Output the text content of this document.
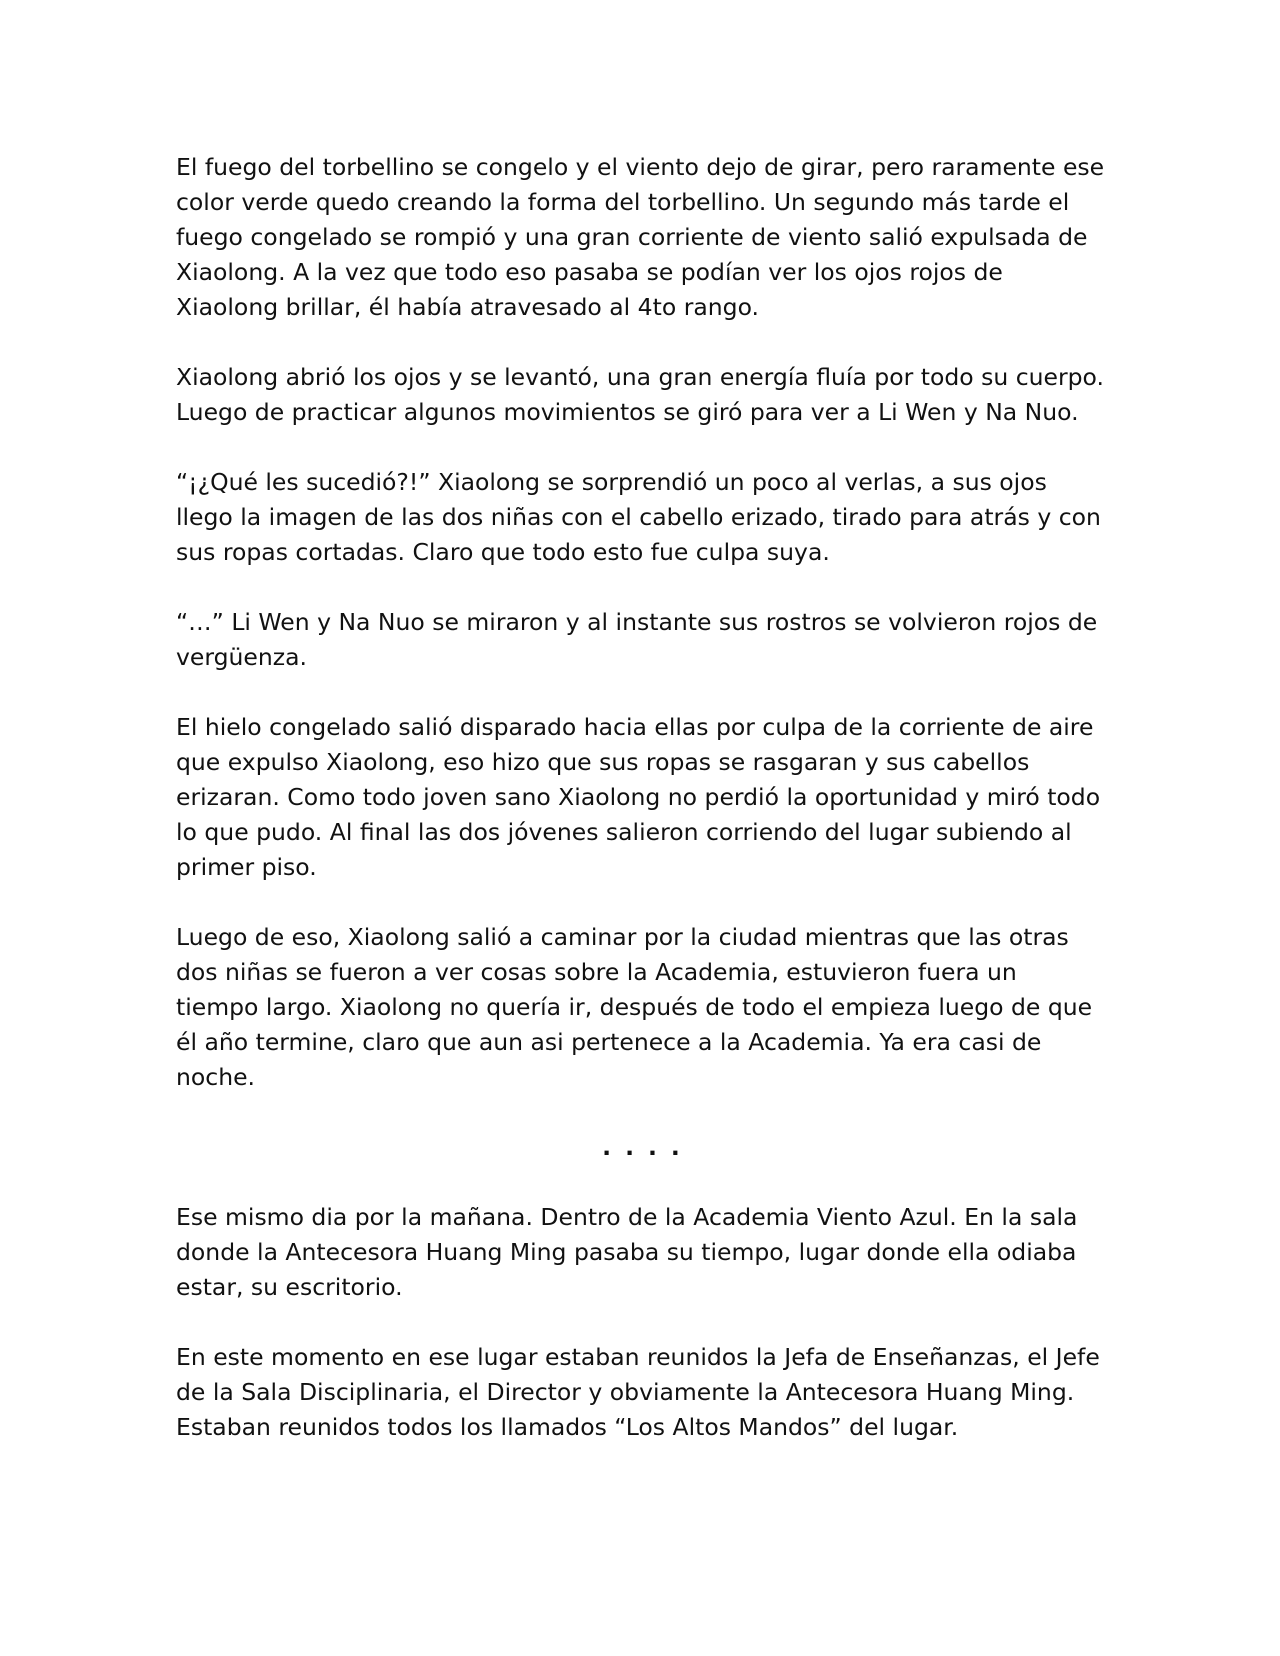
El fuego del torbellino se congelo y el viento dejo de girar, pero raramente ese color verde quedo creando la forma del torbellino. Un segundo más tarde el fuego congelado se rompió y una gran corriente de viento salió expulsada de Xiaolong. A la vez que todo eso pasaba se podían ver los ojos rojos de Xiaolong brillar, él había atravesado al 4to rango.

Xiaolong abrió los ojos y se levantó, una gran energía fluía por todo su cuerpo. Luego de practicar algunos movimientos se giró para ver a Li Wen y Na Nuo.

“¡¿Qué les sucedió?!” Xiaolong se sorprendió un poco al verlas, a sus ojos llego la imagen de las dos niñas con el cabello erizado, tirado para atrás y con sus ropas cortadas. Claro que todo esto fue culpa suya.

“…” Li Wen y Na Nuo se miraron y al instante sus rostros se volvieron rojos de vergüenza.

El hielo congelado salió disparado hacia ellas por culpa de la corriente de aire que expulso Xiaolong, eso hizo que sus ropas se rasgaran y sus cabellos erizaran. Como todo joven sano Xiaolong no perdió la oportunidad y miró todo lo que pudo. Al final las dos jóvenes salieron corriendo del lugar subiendo al primer piso.

Luego de eso, Xiaolong salió a caminar por la ciudad mientras que las otras dos niñas se fueron a ver cosas sobre la Academia, estuvieron fuera un tiempo largo. Xiaolong no quería ir, después de todo el empieza luego de que él año termine, claro que aun asi pertenece a la Academia. Ya era casi de noche.

....

Ese mismo dia por la mañana. Dentro de la Academia Viento Azul. En la sala donde la Antecesora Huang Ming pasaba su tiempo, lugar donde ella odiaba estar, su escritorio.

En este momento en ese lugar estaban reunidos la Jefa de Enseñanzas, el Jefe de la Sala Disciplinaria, el Director y obviamente la Antecesora Huang Ming. Estaban reunidos todos los llamados “Los Altos Mandos” del lugar.
